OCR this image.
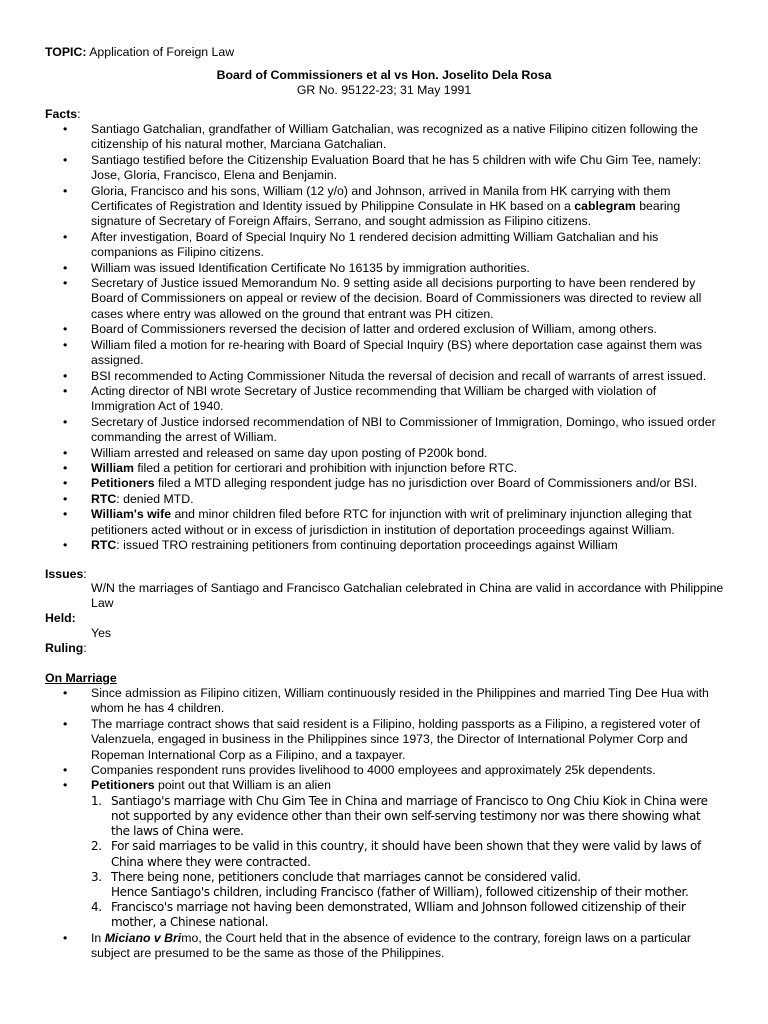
TOPIC: Application of Foreign Law
Board of Commissioners et al vs Hon. Joselito Dela Rosa
GR No. 95122-23; 31 May 1991
Facts:
• Santiago Gatchalian, grandfather of William Gatchalian, was recognized as a native Filipino citizen following the citizenship of his natural mother, Marciana Gatchalian.
• Santiago testified before the Citizenship Evaluation Board that he has 5 children with wife Chu Gim Tee, namely: Jose, Gloria, Francisco, Elena and Benjamin.
• Gloria, Francisco and his sons, William (12 y/o) and Johnson, arrived in Manila from HK carrying with them Certificates of Registration and Identity issued by Philippine Consulate in HK based on a cablegram bearing signature of Secretary of Foreign Affairs, Serrano, and sought admission as Filipino citizens.
• After investigation, Board of Special Inquiry No 1 rendered decision admitting William Gatchalian and his companions as Filipino citizens.
• William was issued Identification Certificate No 16135 by immigration authorities.
• Secretary of Justice issued Memorandum No. 9 setting aside all decisions purporting to have been rendered by Board of Commissioners on appeal or review of the decision. Board of Commissioners was directed to review all cases where entry was allowed on the ground that entrant was PH citizen.
• Board of Commissioners reversed the decision of latter and ordered exclusion of William, among others.
• William filed a motion for re-hearing with Board of Special Inquiry (BS) where deportation case against them was assigned.
• BSI recommended to Acting Commissioner Nituda the reversal of decision and recall of warrants of arrest issued.
• Acting director of NBI wrote Secretary of Justice recommending that William be charged with violation of Immigration Act of 1940.
• Secretary of Justice indorsed recommendation of NBI to Commissioner of Immigration, Domingo, who issued order commanding the arrest of William.
• William arrested and released on same day upon posting of P200k bond.
• William filed a petition for certiorari and prohibition with injunction before RTC.
• Petitioners filed a MTD alleging respondent judge has no jurisdiction over Board of Commissioners and/or BSI.
• RTC: denied MTD.
• William's wife and minor children filed before RTC for injunction with writ of preliminary injunction alleging that petitioners acted without or in excess of jurisdiction in institution of deportation proceedings against William.
• RTC: issued TRO restraining petitioners from continuing deportation proceedings against William
Issues:
W/N the marriages of Santiago and Francisco Gatchalian celebrated in China are valid in accordance with Philippine Law
Held:
Yes
Ruling:
On Marriage
• Since admission as Filipino citizen, William continuously resided in the Philippines and married Ting Dee Hua with whom he has 4 children.
• The marriage contract shows that said resident is a Filipino, holding passports as a Filipino, a registered voter of Valenzuela, engaged in business in the Philippines since 1973, the Director of International Polymer Corp and Ropeman International Corp as a Filipino, and a taxpayer.
• Companies respondent runs provides livelihood to 4000 employees and approximately 25k dependents.
• Petitioners point out that William is an alien
1. Santiago's marriage with Chu Gim Tee in China and marriage of Francisco to Ong Chiu Kiok in China were not supported by any evidence other than their own self-serving testimony nor was there showing what the laws of China were.
2. For said marriages to be valid in this country, it should have been shown that they were valid by laws of China where they were contracted.
3. There being none, petitioners conclude that marriages cannot be considered valid.
Hence Santiago's children, including Francisco (father of William), followed citizenship of their mother.
4. Francisco's marriage not having been demonstrated, Wlliam and Johnson followed citizenship of their mother, a Chinese national.
• In Miciano v Brimo, the Court held that in the absence of evidence to the contrary, foreign laws on a particular subject are presumed to be the same as those of the Philippines.
